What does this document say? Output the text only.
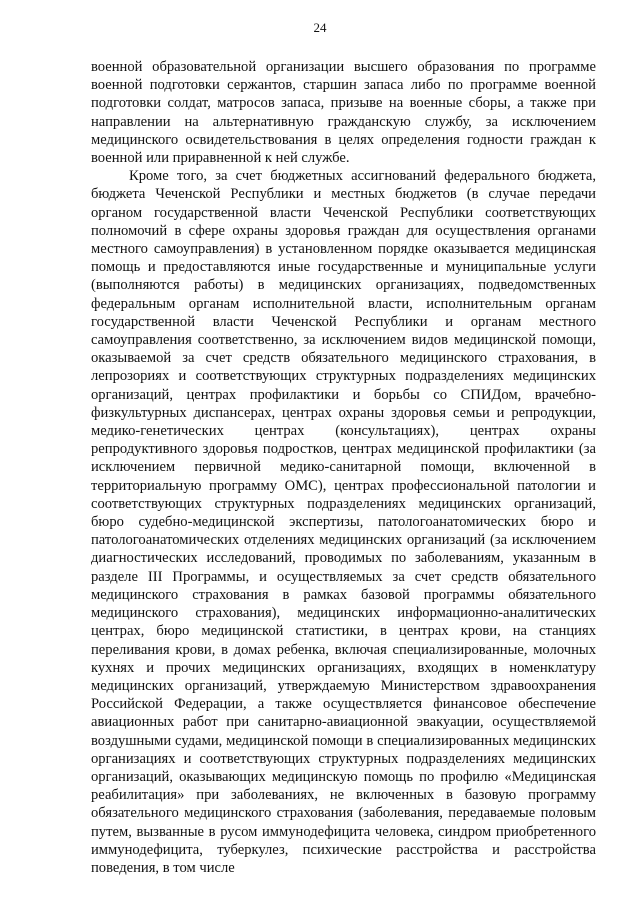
24

военной образовательной организации высшего образования по программе военной подготовки сержантов, старшин запаса либо по программе военной подготовки солдат, матросов запаса, призыве на военные сборы, а также при направлении на альтернативную гражданскую службу, за исключением медицинского освидетельствования в целях определения годности граждан к военной или приравненной к ней службе.

Кроме того, за счет бюджетных ассигнований федерального бюджета, бюджета Чеченской Республики и местных бюджетов (в случае передачи органом государственной власти Чеченской Республики соответствующих полномочий в сфере охраны здоровья граждан для осуществления органами местного самоуправления) в установленном порядке оказывается медицинская помощь и предоставляются иные государственные и муниципальные услуги (выполняются работы) в медицинских организациях, подведомственных федеральным органам исполнительной власти, исполнительным органам государственной власти Чеченской Республики и органам местного самоуправления соответственно, за исключением видов медицинской помощи, оказываемой за счет средств обязательного медицинского страхования, в лепрозориях и соответствующих структурных подразделениях медицинских организаций, центрах профилактики и борьбы со СПИДом, врачебно-физкультурных диспансерах, центрах охраны здоровья семьи и репродукции, медико-генетических центрах (консультациях), центрах охраны репродуктивного здоровья подростков, центрах медицинской профилактики (за исключением первичной медико-санитарной помощи, включенной в территориальную программу ОМС), центрах профессиональной патологии и соответствующих структурных подразделениях медицинских организаций, бюро судебно-медицинской экспертизы, патологоанатомических бюро и патологоанатомических отделениях медицинских организаций (за исключением диагностических исследований, проводимых по заболеваниям, указанным в разделе III Программы, и осуществляемых за счет средств обязательного медицинского страхования в рамках базовой программы обязательного медицинского страхования), медицинских информационно-аналитических центрах, бюро медицинской статистики, в центрах крови, на станциях переливания крови, в домах ребенка, включая специализированные, молочных кухнях и прочих медицинских организациях, входящих в номенклатуру медицинских организаций, утверждаемую Министерством здравоохранения Российской Федерации, а также осуществляется финансовое обеспечение авиационных работ при санитарно-авиационной эвакуации, осуществляемой воздушными судами, медицинской помощи в специализированных медицинских организациях и соответствующих структурных подразделениях медицинских организаций, оказывающих медицинскую помощь по профилю «Медицинская реабилитация» при заболеваниях, не включенных в базовую программу обязательного медицинского страхования (заболевания, передаваемые половым путем, вызванные в русом иммунодефицита человека, синдром приобретенного иммунодефицита, туберкулез, психические расстройства и расстройства поведения, в том числе
